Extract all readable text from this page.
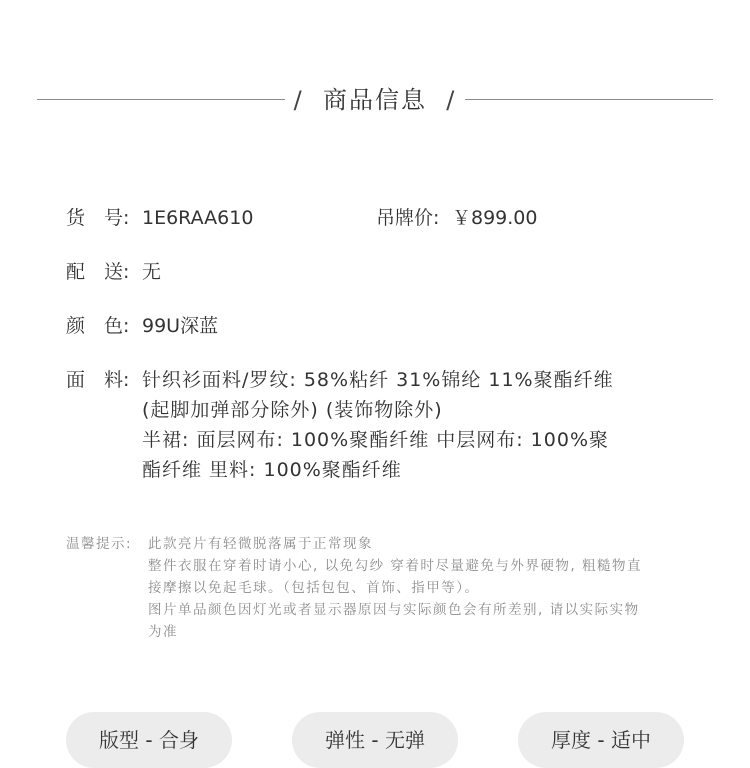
/ 商品信息 /
货　号: 1E6RAA610	吊牌价: ￥899.00
配　送: 无
颜　色: 99U深蓝
面　料: 针织衫面料/罗纹: 58%粘纤 31%锦纶 11%聚酯纤维
(起脚加弹部分除外) (装饰物除外)
半裙: 面层网布: 100%聚酯纤维 中层网布: 100%聚
酯纤维 里料: 100%聚酯纤维
温馨提示: 此款亮片有轻微脱落属于正常现象
整件衣服在穿着时请小心, 以免勾纱 穿着时尽量避免与外界硬物, 粗糙物直
接摩擦以免起毛球。（包括包包、首饰、指甲等）。
图片单品颜色因灯光或者显示器原因与实际颜色会有所差别, 请以实际实物
为准
版型 - 合身	弹性 - 无弹	厚度 - 适中
